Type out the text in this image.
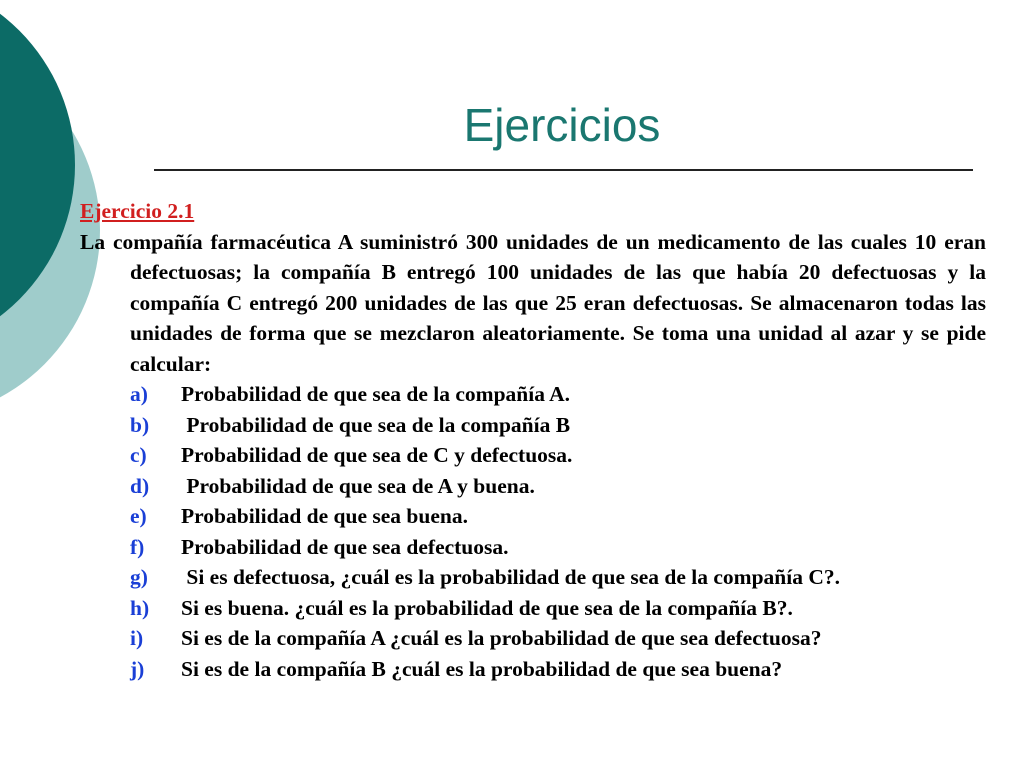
Ejercicios
Ejercicio 2.1

La compañía farmacéutica A suministró 300 unidades de un medicamento de las cuales 10 eran defectuosas; la compañía B entregó 100 unidades de las que había 20 defectuosas y la compañía C entregó 200 unidades de las que 25 eran defectuosas. Se almacenaron todas las unidades de forma que se mezclaron aleatoriamente. Se toma una unidad al azar y se pide calcular:

a) Probabilidad de que sea de la compañía A.
b) Probabilidad de que sea de la compañía B
c) Probabilidad de que sea de C y defectuosa.
d) Probabilidad de que sea de A y buena.
e) Probabilidad de que sea buena.
f) Probabilidad de que sea defectuosa.
g) Si es defectuosa, ¿cuál es la probabilidad de que sea de la compañía C?.
h) Si es buena. ¿cuál es la probabilidad de que sea de la compañía B?.
i) Si es de la compañía A ¿cuál es la probabilidad de que sea defectuosa?
j) Si es de la compañía B ¿cuál es la probabilidad de que sea buena?
